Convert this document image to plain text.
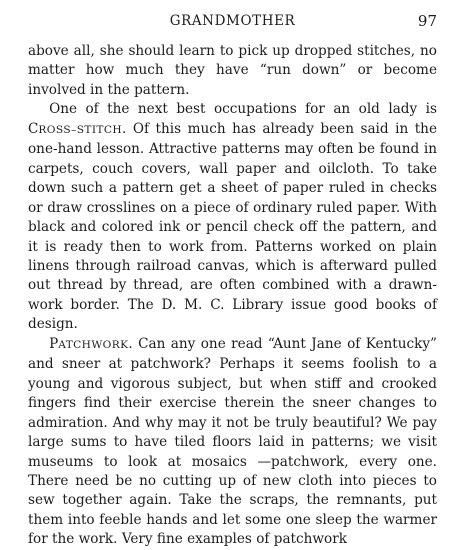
GRANDMOTHER	97

above all, she should learn to pick up dropped stitches, no matter how much they have “run down” or become involved in the pattern.

One of the next best occupations for an old lady is CROSS–STITCH. Of this much has already been said in the one-hand lesson. Attractive patterns may often be found in carpets, couch covers, wall paper and oilcloth. To take down such a pattern get a sheet of paper ruled in checks or draw crosslines on a piece of ordinary ruled paper. With black and colored ink or pencil check off the pattern, and it is ready then to work from. Patterns worked on plain linens through railroad canvas, which is afterward pulled out thread by thread, are often combined with a drawn-work border. The D. M. C. Library issue good books of design.

PATCHWORK. Can any one read “Aunt Jane of Kentucky” and sneer at patchwork? Perhaps it seems foolish to a young and vigorous subject, but when stiff and crooked fingers find their exercise therein the sneer changes to admiration. And why may it not be truly beautiful? We pay large sums to have tiled floors laid in patterns; we visit museums to look at mosaics —patchwork, every one. There need be no cutting up of new cloth into pieces to sew together again. Take the scraps, the remnants, put them into feeble hands and let some one sleep the warmer for the work. Very fine examples of patchwork
